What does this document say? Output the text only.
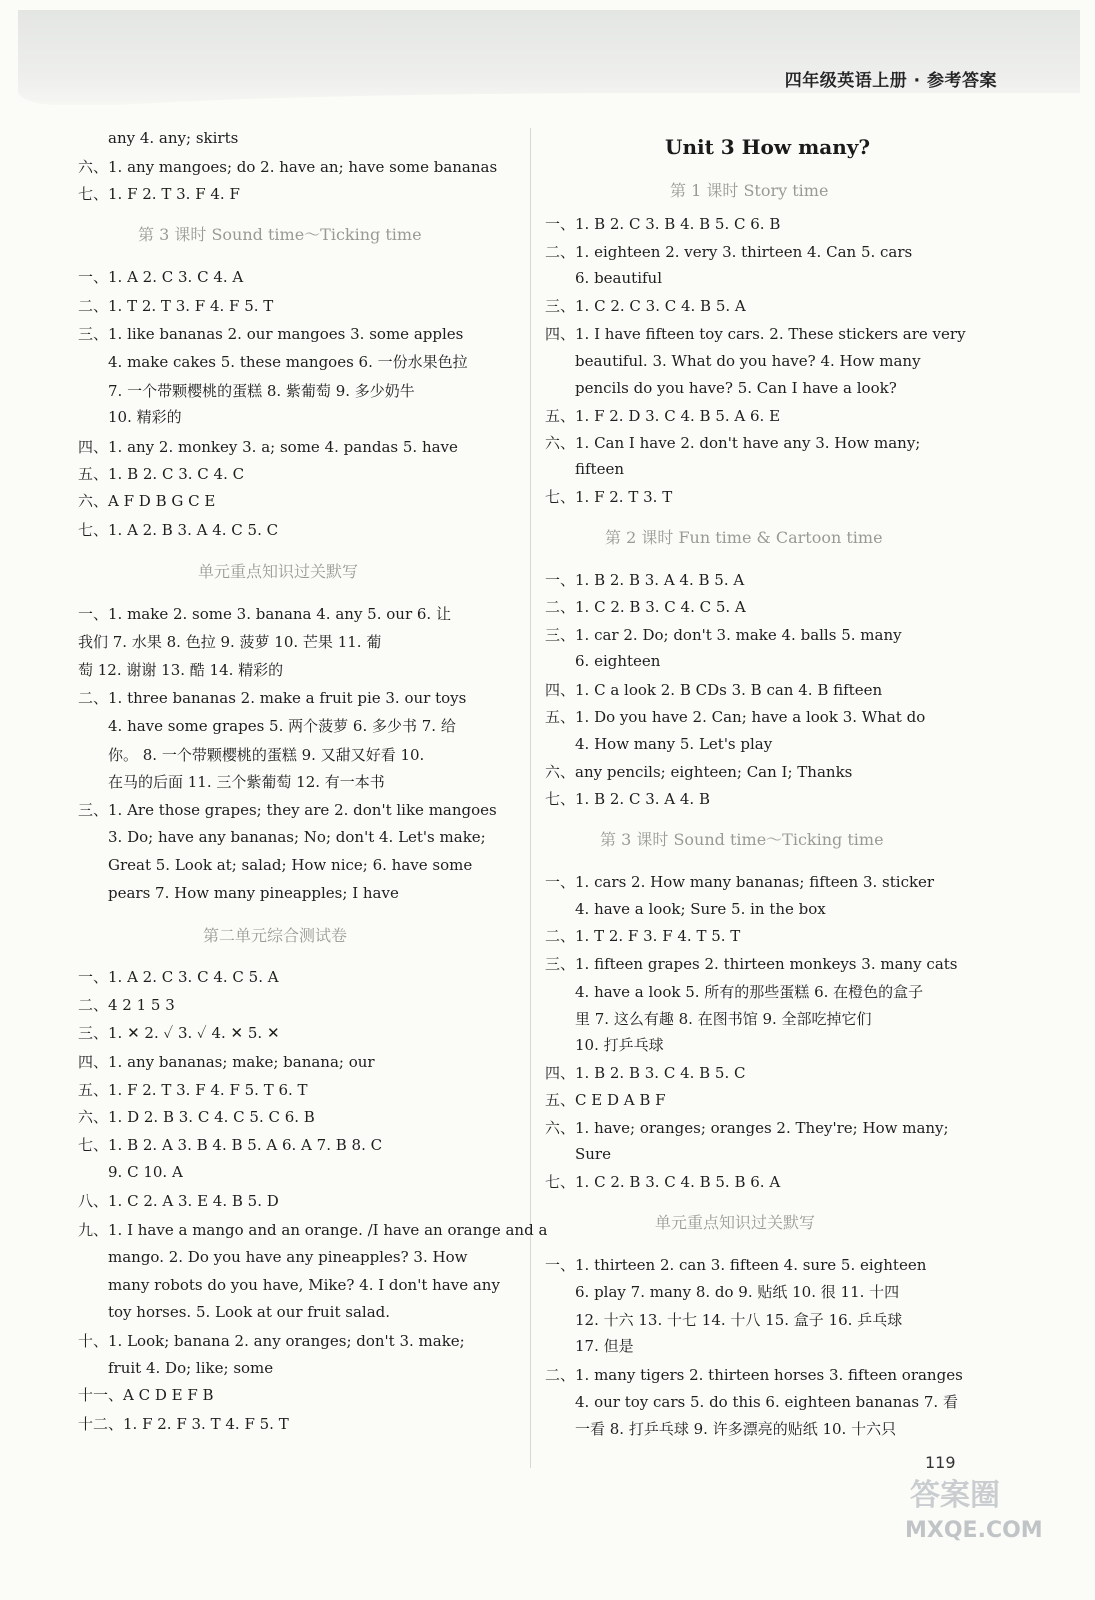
四年级英语上册 · 参考答案
any 4. any; skirts
六、1. any mangoes; do 2. have an; have some bananas
七、1. F 2. T 3. F 4. F
第 3 课时 Sound time～Ticking time
一、1. A 2. C 3. C 4. A
二、1. T 2. T 3. F 4. F 5. T
三、1. like bananas 2. our mangoes 3. some apples
4. make cakes 5. these mangoes 6. 一份水果色拉
7. 一个带颗樱桃的蛋糕 8. 紫葡萄 9. 多少奶牛
10. 精彩的
四、1. any 2. monkey 3. a; some 4. pandas 5. have
五、1. B 2. C 3. C 4. C
六、A F D B G C E
七、1. A 2. B 3. A 4. C 5. C
单元重点知识过关默写
一、1. make 2. some 3. banana 4. any 5. our 6. 让
我们 7. 水果 8. 色拉 9. 菠萝 10. 芒果 11. 葡
萄 12. 谢谢 13. 酷 14. 精彩的
二、1. three bananas 2. make a fruit pie 3. our toys
4. have some grapes 5. 两个菠萝 6. 多少书 7. 给
你。 8. 一个带颗樱桃的蛋糕 9. 又甜又好看 10.
在马的后面 11. 三个紫葡萄 12. 有一本书
三、1. Are those grapes; they are 2. don't like mangoes
3. Do; have any bananas; No; don't 4. Let's make;
Great 5. Look at; salad; How nice; 6. have some
pears 7. How many pineapples; I have
第二单元综合测试卷
一、1. A 2. C 3. C 4. C 5. A
二、4 2 1 5 3
三、1. ✕ 2. ✓ 3. ✓ 4. ✕ 5. ✕
四、1. any bananas; make; banana; our
五、1. F 2. T 3. F 4. F 5. T 6. T
六、1. D 2. B 3. C 4. C 5. C 6. B
七、1. B 2. A 3. B 4. B 5. A 6. A 7. B 8. C
9. C 10. A
八、1. C 2. A 3. E 4. B 5. D
九、1. I have a mango and an orange. /I have an orange and a
mango. 2. Do you have any pineapples? 3. How
many robots do you have, Mike? 4. I don't have any
toy horses. 5. Look at our fruit salad.
十、1. Look; banana 2. any oranges; don't 3. make;
fruit 4. Do; like; some
十一、A C D E F B
十二、1. F 2. F 3. T 4. F 5. T
Unit 3 How many?
第 1 课时 Story time
一、1. B 2. C 3. B 4. B 5. C 6. B
二、1. eighteen 2. very 3. thirteen 4. Can 5. cars
6. beautiful
三、1. C 2. C 3. C 4. B 5. A
四、1. I have fifteen toy cars. 2. These stickers are very
beautiful. 3. What do you have? 4. How many
pencils do you have? 5. Can I have a look?
五、1. F 2. D 3. C 4. B 5. A 6. E
六、1. Can I have 2. don't have any 3. How many;
fifteen
七、1. F 2. T 3. T
第 2 课时 Fun time & Cartoon time
一、1. B 2. B 3. A 4. B 5. A
二、1. C 2. B 3. C 4. C 5. A
三、1. car 2. Do; don't 3. make 4. balls 5. many
6. eighteen
四、1. C a look 2. B CDs 3. B can 4. B fifteen
五、1. Do you have 2. Can; have a look 3. What do
4. How many 5. Let's play
六、any pencils; eighteen; Can I; Thanks
七、1. B 2. C 3. A 4. B
第 3 课时 Sound time～Ticking time
一、1. cars 2. How many bananas; fifteen 3. sticker
4. have a look; Sure 5. in the box
二、1. T 2. F 3. F 4. T 5. T
三、1. fifteen grapes 2. thirteen monkeys 3. many cats
4. have a look 5. 所有的那些蛋糕 6. 在橙色的盒子
里 7. 这么有趣 8. 在图书馆 9. 全部吃掉它们
10. 打乒乓球
四、1. B 2. B 3. C 4. B 5. C
五、C E D A B F
六、1. have; oranges; oranges 2. They're; How many;
Sure
七、1. C 2. B 3. C 4. B 5. B 6. A
单元重点知识过关默写
一、1. thirteen 2. can 3. fifteen 4. sure 5. eighteen
6. play 7. many 8. do 9. 贴纸 10. 很 11. 十四
12. 十六 13. 十七 14. 十八 15. 盒子 16. 乒乓球
17. 但是
二、1. many tigers 2. thirteen horses 3. fifteen oranges
4. our toy cars 5. do this 6. eighteen bananas 7. 看
一看 8. 打乒乓球 9. 许多漂亮的贴纸 10. 十六只
119
答案圈
MXQE.COM
